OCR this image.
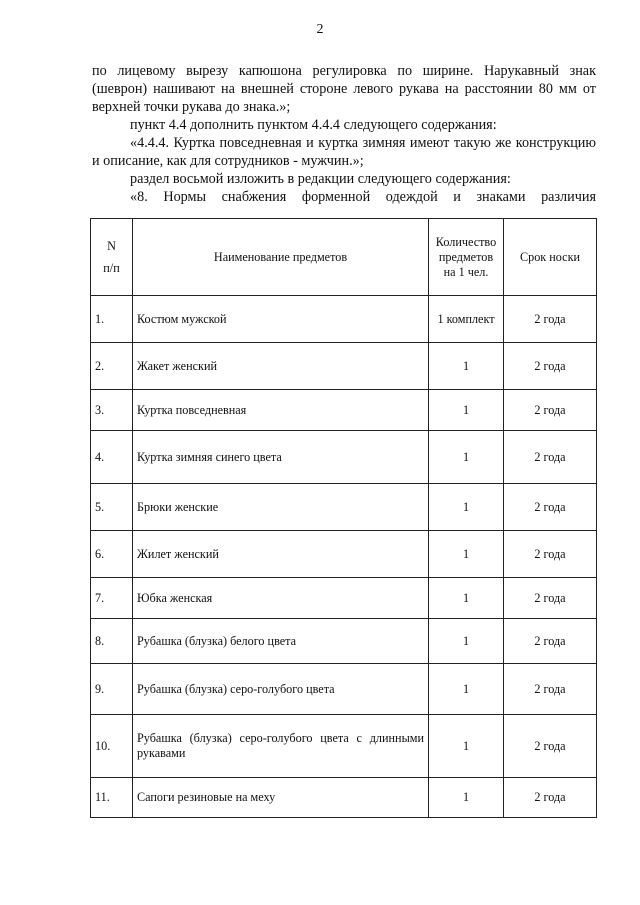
2

по лицевому вырезу капюшона регулировка по ширине. Нарукавный знак (шеврон) нашивают на внешней стороне левого рукава на расстоянии 80 мм от верхней точки рукава до знака.»;

пункт 4.4 дополнить пунктом 4.4.4 следующего содержания:

«4.4.4. Куртка повседневная и куртка зимняя имеют такую же конструкцию и описание, как для сотрудников - мужчин.»;

раздел восьмой изложить в редакции следующего содержания:

«8. Нормы снабжения форменной одеждой и знаками различия

N
п/п	Наименование предметов	Количество предметов на 1 чел.	Срок носки
1.	Костюм мужской	1 комплект	2 года
2.	Жакет женский	1	2 года
3.	Куртка повседневная	1	2 года
4.	Куртка зимняя синего цвета	1	2 года
5.	Брюки женские	1	2 года
6.	Жилет женский	1	2 года
7.	Юбка женская	1	2 года
8.	Рубашка (блузка) белого цвета	1	2 года
9.	Рубашка (блузка) серо-голубого цвета	1	2 года
10.	Рубашка (блузка) серо-голубого цвета с длинными рукавами	1	2 года
11.	Сапоги резиновые на меху	1	2 года
